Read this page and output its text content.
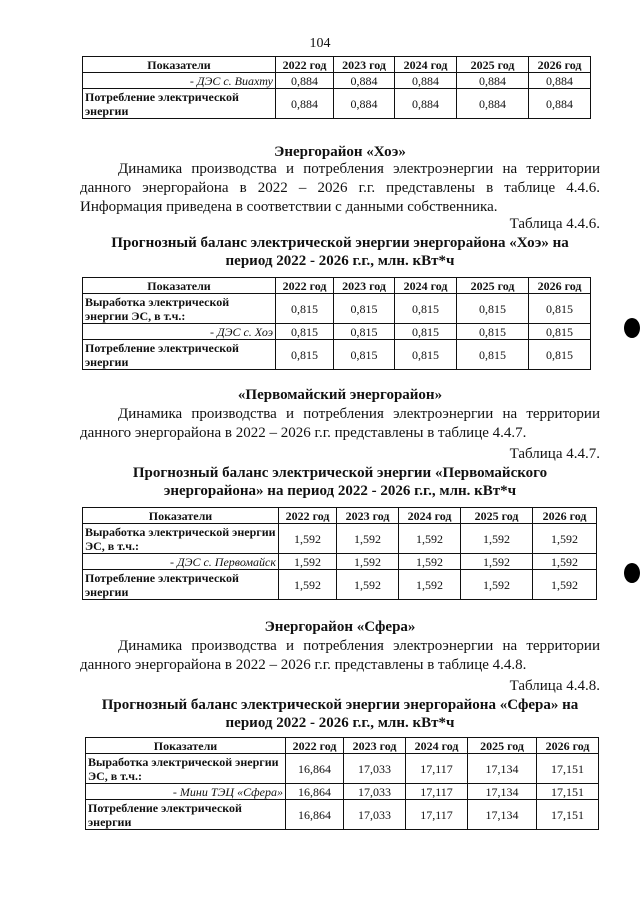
104
Показатели	2022 год	2023 год	2024 год	2025 год	2026 год
- ДЭС с. Виахту	0,884	0,884	0,884	0,884	0,884
Потребление электрической энергии	0,884	0,884	0,884	0,884	0,884
Энергорайон «Хоэ»
Динамика производства и потребления электроэнергии на территории данного энергорайона в 2022 – 2026 г.г. представлены в таблице 4.4.6. Информация приведена в соответствии с данными собственника.
Таблица 4.4.6.
Прогнозный баланс электрической энергии энергорайона «Хоэ» на период 2022 - 2026 г.г., млн. кВт*ч
Показатели	2022 год	2023 год	2024 год	2025 год	2026 год
Выработка электрической энергии ЭС, в т.ч.:	0,815	0,815	0,815	0,815	0,815
- ДЭС с. Хоэ	0,815	0,815	0,815	0,815	0,815
Потребление электрической энергии	0,815	0,815	0,815	0,815	0,815
«Первомайский энергорайон»
Динамика производства и потребления электроэнергии на территории данного энергорайона в 2022 – 2026 г.г. представлены в таблице 4.4.7.
Таблица 4.4.7.
Прогнозный баланс электрической энергии «Первомайского энергорайона» на период 2022 - 2026 г.г., млн. кВт*ч
Показатели	2022 год	2023 год	2024 год	2025 год	2026 год
Выработка электрической энергии ЭС, в т.ч.:	1,592	1,592	1,592	1,592	1,592
- ДЭС с. Первомайск	1,592	1,592	1,592	1,592	1,592
Потребление электрической энергии	1,592	1,592	1,592	1,592	1,592
Энергорайон «Сфера»
Динамика производства и потребления электроэнергии на территории данного энергорайона в 2022 – 2026 г.г. представлены в таблице 4.4.8.
Таблица 4.4.8.
Прогнозный баланс электрической энергии энергорайона «Сфера» на период 2022 - 2026 г.г., млн. кВт*ч
Показатели	2022 год	2023 год	2024 год	2025 год	2026 год
Выработка электрической энергии ЭС, в т.ч.:	16,864	17,033	17,117	17,134	17,151
- Мини ТЭЦ «Сфера»	16,864	17,033	17,117	17,134	17,151
Потребление электрической энергии	16,864	17,033	17,117	17,134	17,151
